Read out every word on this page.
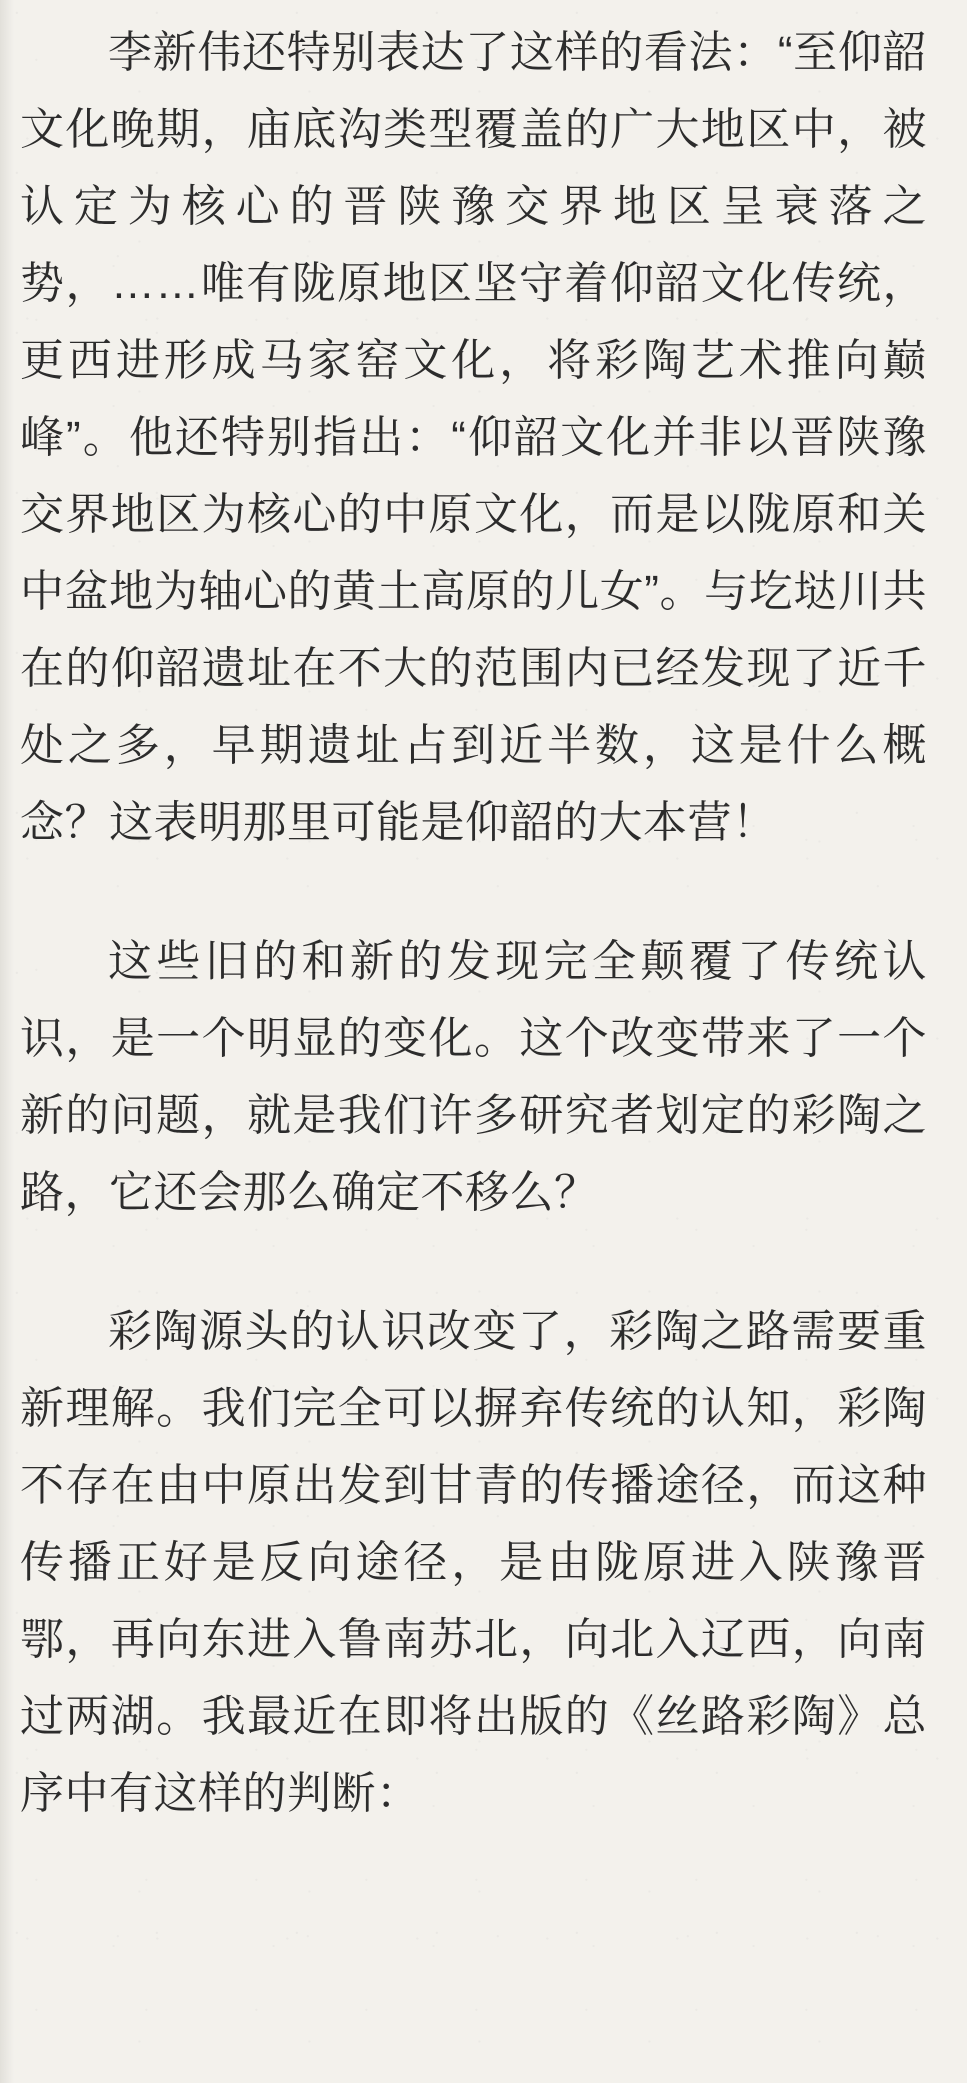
李新伟还特别表达了这样的看法：“至仰韶文化晚期，庙底沟类型覆盖的广大地区中，被认定为核心的晋陕豫交界地区呈衰落之势，……唯有陇原地区坚守着仰韶文化传统，更西进形成马家窑文化，将彩陶艺术推向巅峰”。他还特别指出：“仰韶文化并非以晋陕豫交界地区为核心的中原文化，而是以陇原和关中盆地为轴心的黄土高原的儿女”。与圪垯川共在的仰韶遗址在不大的范围内已经发现了近千处之多，早期遗址占到近半数，这是什么概念？这表明那里可能是仰韶的大本营！

这些旧的和新的发现完全颠覆了传统认识，是一个明显的变化。这个改变带来了一个新的问题，就是我们许多研究者划定的彩陶之路，它还会那么确定不移么？

彩陶源头的认识改变了，彩陶之路需要重新理解。我们完全可以摒弃传统的认知，彩陶不存在由中原出发到甘青的传播途径，而这种传播正好是反向途径，是由陇原进入陕豫晋鄂，再向东进入鲁南苏北，向北入辽西，向南过两湖。我最近在即将出版的《丝路彩陶》总序中有这样的判断：
